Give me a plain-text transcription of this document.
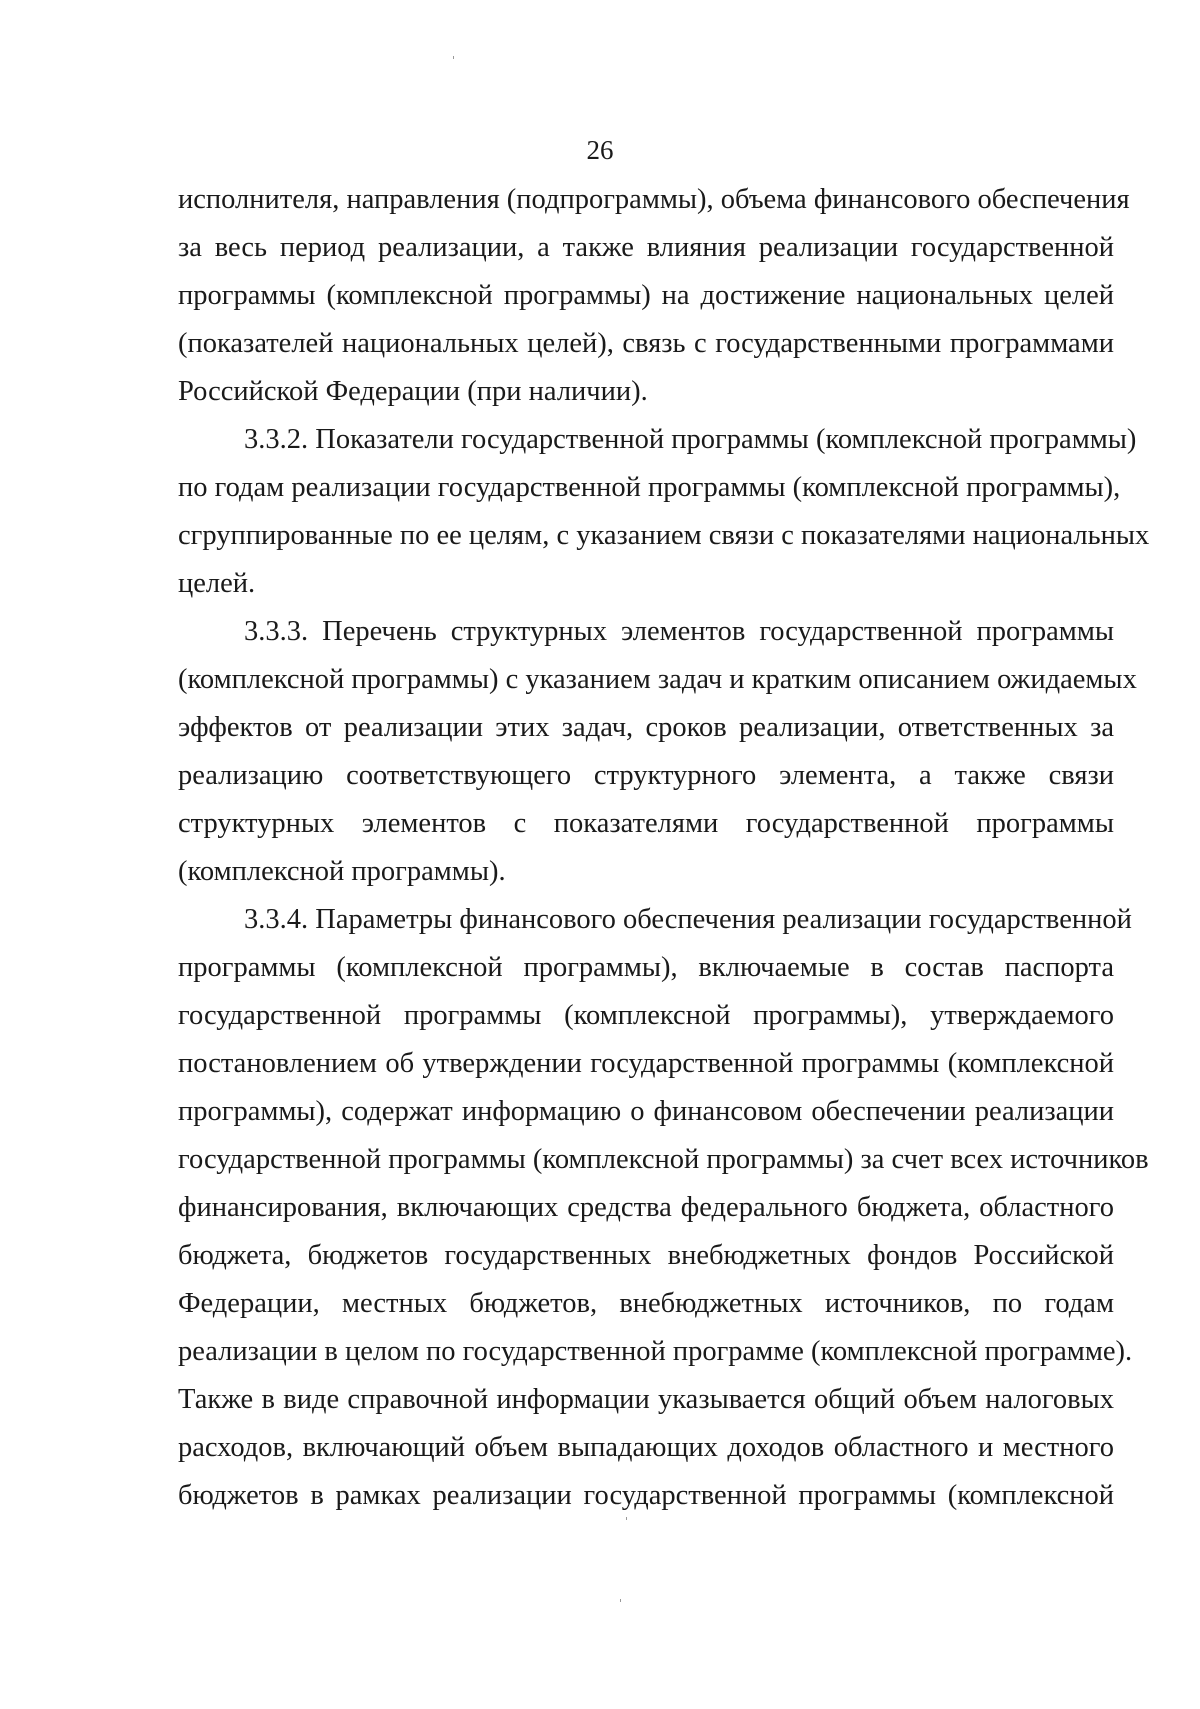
26

исполнителя, направления (подпрограммы), объема финансового обеспечения
за весь период реализации, а также влияния реализации государственной
программы (комплексной программы) на достижение национальных целей
(показателей национальных целей), связь с государственными программами
Российской Федерации (при наличии).

3.3.2. Показатели государственной программы (комплексной программы)
по годам реализации государственной программы (комплексной программы),
сгруппированные по ее целям, с указанием связи с показателями национальных
целей.

3.3.3. Перечень структурных элементов государственной программы
(комплексной программы) с указанием задач и кратким описанием ожидаемых
эффектов от реализации этих задач, сроков реализации, ответственных за
реализацию соответствующего структурного элемента, а также связи
структурных элементов с показателями государственной программы
(комплексной программы).

3.3.4. Параметры финансового обеспечения реализации государственной
программы (комплексной программы), включаемые в состав паспорта
государственной программы (комплексной программы), утверждаемого
постановлением об утверждении государственной программы (комплексной
программы), содержат информацию о финансовом обеспечении реализации
государственной программы (комплексной программы) за счет всех источников
финансирования, включающих средства федерального бюджета, областного
бюджета, бюджетов государственных внебюджетных фондов Российской
Федерации, местных бюджетов, внебюджетных источников, по годам
реализации в целом по государственной программе (комплексной программе).
Также в виде справочной информации указывается общий объем налоговых
расходов, включающий объем выпадающих доходов областного и местного
бюджетов в рамках реализации государственной программы (комплексной
